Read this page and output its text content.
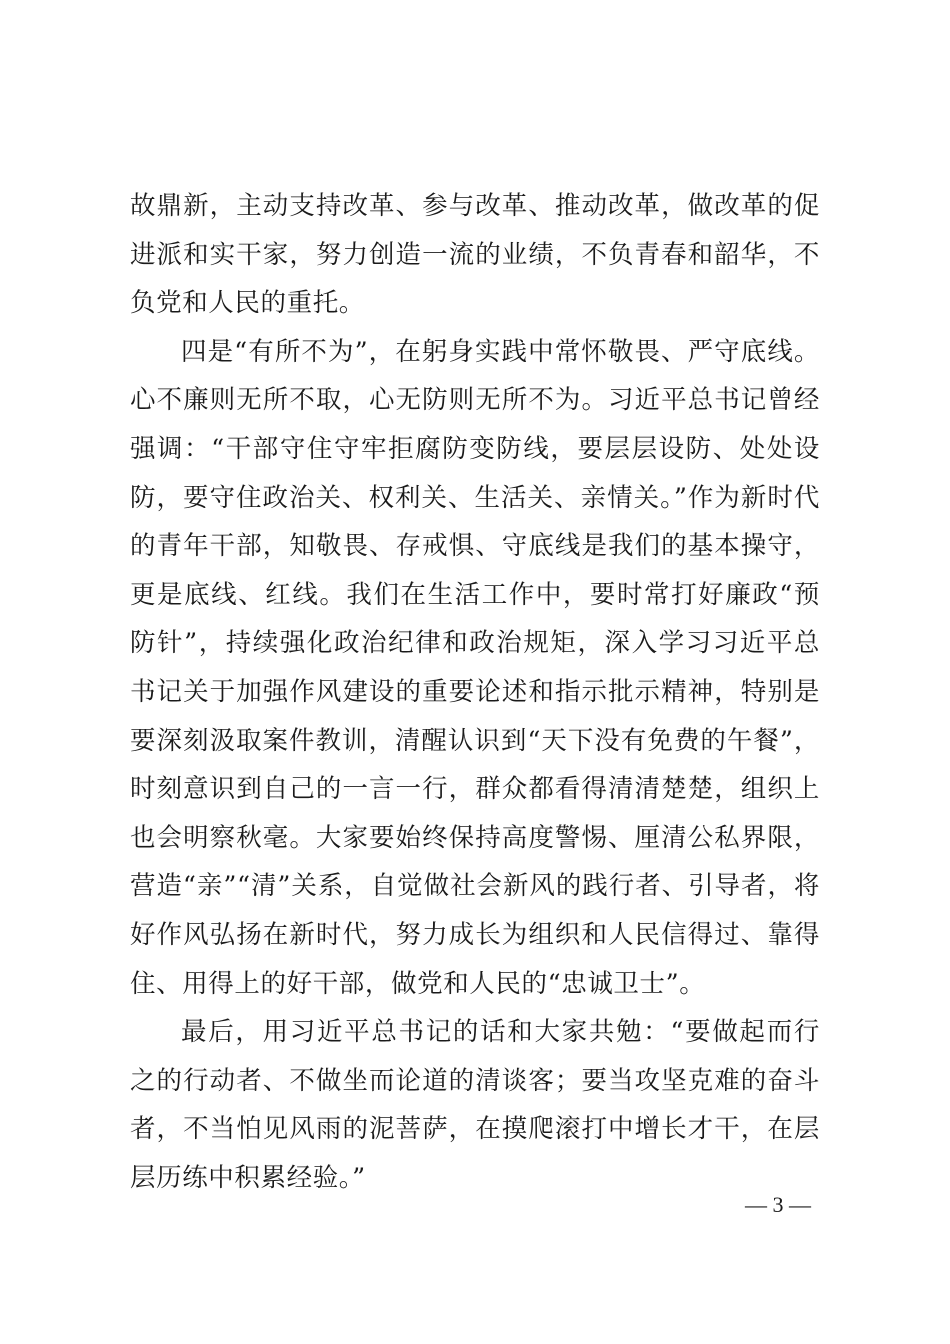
故鼎新，主动支持改革、参与改革、推动改革，做改革的促进派和实干家，努力创造一流的业绩，不负青春和韶华，不负党和人民的重托。

四是“有所不为”，在躬身实践中常怀敬畏、严守底线。心不廉则无所不取，心无防则无所不为。习近平总书记曾经强调：“干部守住守牢拒腐防变防线，要层层设防、处处设防，要守住政治关、权利关、生活关、亲情关。”作为新时代的青年干部，知敬畏、存戒惧、守底线是我们的基本操守，更是底线、红线。我们在生活工作中，要时常打好廉政“预防针”，持续强化政治纪律和政治规矩，深入学习习近平总书记关于加强作风建设的重要论述和指示批示精神，特别是要深刻汲取案件教训，清醒认识到“天下没有免费的午餐”，时刻意识到自己的一言一行，群众都看得清清楚楚，组织上也会明察秋毫。大家要始终保持高度警惕、厘清公私界限，营造“亲”“清”关系，自觉做社会新风的践行者、引导者，将好作风弘扬在新时代，努力成长为组织和人民信得过、靠得住、用得上的好干部，做党和人民的“忠诚卫士”。

最后，用习近平总书记的话和大家共勉：“要做起而行之的行动者、不做坐而论道的清谈客；要当攻坚克难的奋斗者，不当怕见风雨的泥菩萨，在摸爬滚打中增长才干，在层层历练中积累经验。”

— 3 —
